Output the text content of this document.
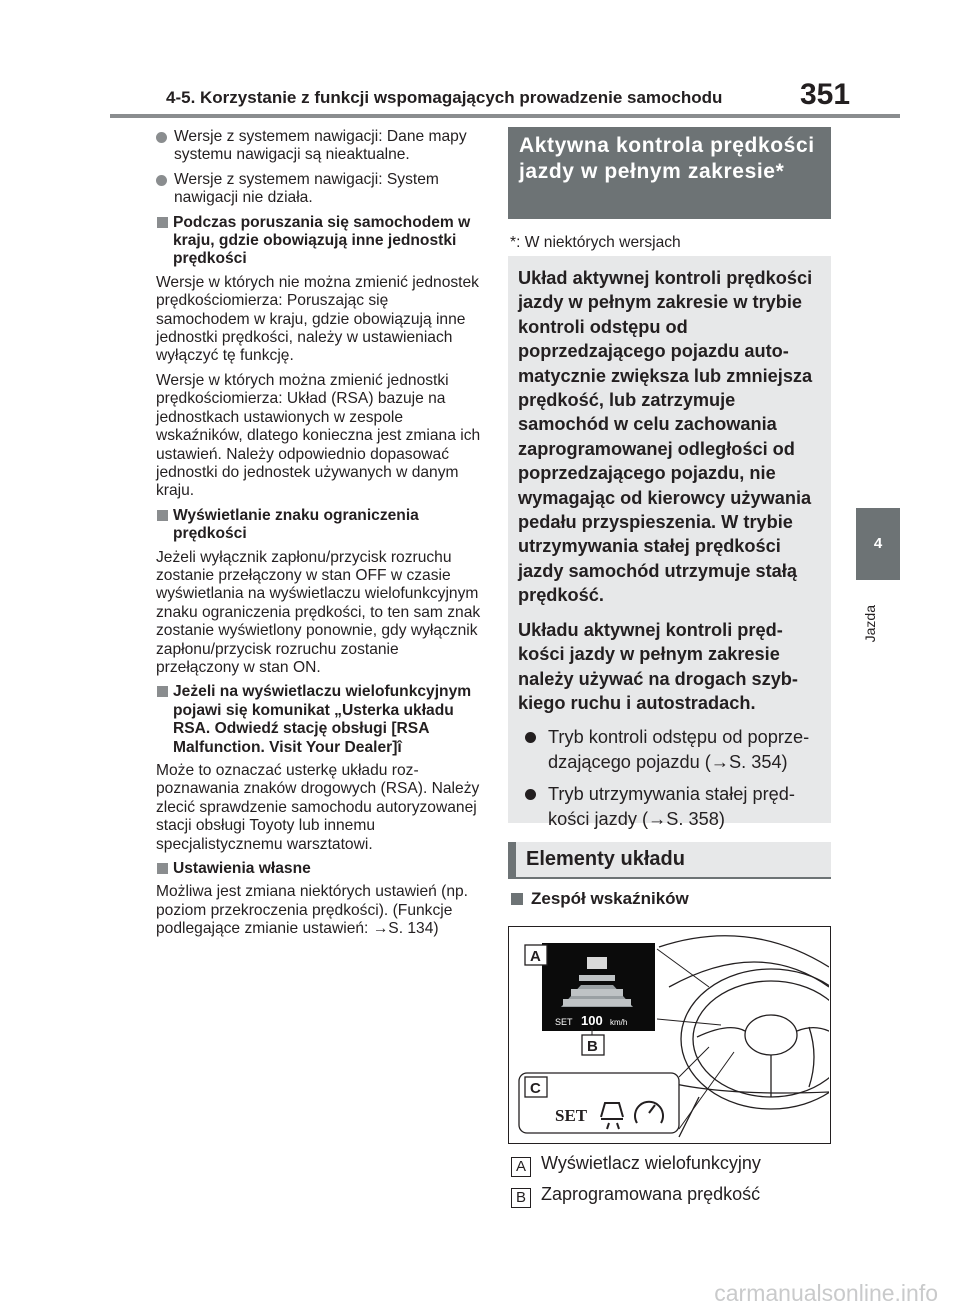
4-5. Korzystanie z funkcji wspomagających prowadzenie samochodu	351
4
Jazda
Wersje z systemem nawigacji: Dane mapy systemu nawigacji są nieaktualne.
Wersje z systemem nawigacji: System nawigacji nie działa.
Podczas poruszania się samochodem w kraju, gdzie obowiązują inne jednostki prędkości

Wersje w których nie można zmienić jednostek prędkościomierza: Poruszając się samochodem w kraju, gdzie obowiązują inne jednostki prędkości, należy w ustawieniach wyłączyć tę funkcję.

Wersje w których można zmienić jednostki prędkościomierza: Układ (RSA) bazuje na jednostkach ustawionych w zespole wskaźników, dlatego konieczna jest zmiana ich ustawień. Należy odpowiednio dopasować jednostki do jednostek używanych w danym kraju.

Wyświetlanie znaku ograniczenia prędkości

Jeżeli wyłącznik zapłonu/przycisk rozruchu zostanie przełączony w stan OFF w czasie wyświetlania na wyświetlaczu wielofunkcyjnym znaku ograniczenia prędkości, to ten sam znak zostanie wyświetlony ponownie, gdy wyłącznik zapłonu/przycisk rozruchu zostanie przełączony w stan ON.

Jeżeli na wyświetlaczu wielofunkcyjnym pojawi się komunikat „Usterka układu RSA. Odwiedź stację obsługi [RSA Malfunction. Visit Your Dealer]î

Może to oznaczać usterkę układu rozpoznawania znaków drogowych (RSA). Należy zlecić sprawdzenie samochodu autoryzowanej stacji obsługi Toyoty lub innemu specjalistycznemu warsztatowi.

Ustawienia własne

Możliwa jest zmiana niektórych ustawień (np. poziom przekroczenia prędkości). (Funkcje podlegające zmianie ustawień: →S. 134)

Aktywna kontrola prędkości jazdy w pełnym zakresie*
*: W niektórych wersjach

Układ aktywnej kontroli prędkości jazdy w pełnym zakresie w trybie kontroli odstępu od poprzedzającego pojazdu automatycznie zwiększa lub zmniejsza prędkość, lub zatrzymuje samochód w celu zachowania zaprogramowanej odległości od poprzedzającego pojazdu, nie wymagając od kierowcy używania pedału przyspieszenia. W trybie utrzymywania stałej prędkości jazdy samochód utrzymuje stałą prędkość.

Układu aktywnej kontroli prędkości jazdy w pełnym zakresie należy używać na drogach szybkiego ruchu i autostradach.

Tryb kontroli odstępu od poprzedzającego pojazdu (→S. 354)
Tryb utrzymywania stałej prędkości jazdy (→S. 358)
Elementy układu
Zespół wskaźników
SET 100 km/h
A
B
C
SET
A Wyświetlacz wielofunkcyjny
B Zaprogramowana prędkość
carmanualsonline.info
